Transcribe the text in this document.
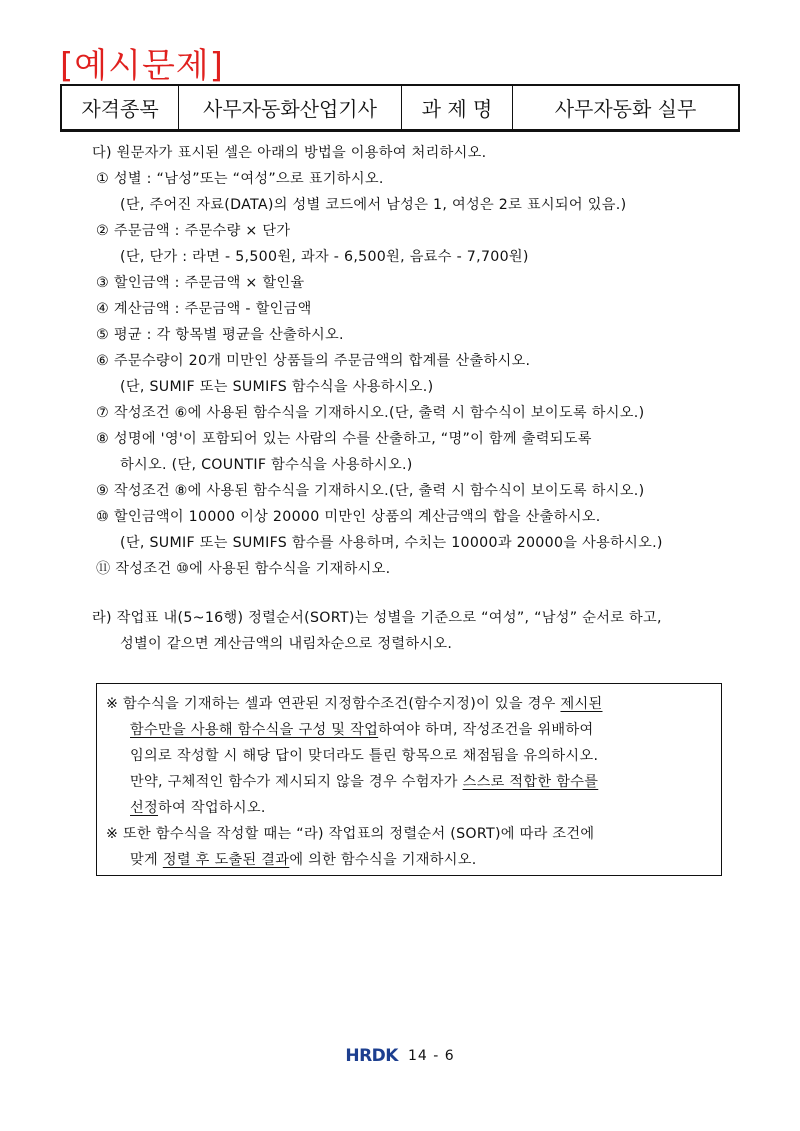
[예시문제]
자격종목	사무자동화산업기사	과 제 명	사무자동화 실무
다) 원문자가 표시된 셀은 아래의 방법을 이용하여 처리하시오.
① 성별 : “남성”또는 “여성”으로 표기하시오.
(단, 주어진 자료(DATA)의 성별 코드에서 남성은 1, 여성은 2로 표시되어 있음.)
② 주문금액 : 주문수량 × 단가
(단, 단가 : 라면 - 5,500원, 과자 - 6,500원, 음료수 - 7,700원)
③ 할인금액 : 주문금액 × 할인율
④ 계산금액 : 주문금액 - 할인금액
⑤ 평균 : 각 항목별 평균을 산출하시오.
⑥ 주문수량이 20개 미만인 상품들의 주문금액의 합계를 산출하시오.
(단, SUMIF 또는 SUMIFS 함수식을 사용하시오.)
⑦ 작성조건 ⑥에 사용된 함수식을 기재하시오.(단, 출력 시 함수식이 보이도록 하시오.)
⑧ 성명에 '영'이 포함되어 있는 사람의 수를 산출하고, “명”이 함께 출력되도록
하시오. (단, COUNTIF 함수식을 사용하시오.)
⑨ 작성조건 ⑧에 사용된 함수식을 기재하시오.(단, 출력 시 함수식이 보이도록 하시오.)
⑩ 할인금액이 10000 이상 20000 미만인 상품의 계산금액의 합을 산출하시오.
(단, SUMIF 또는 SUMIFS 함수를 사용하며, 수치는 10000과 20000을 사용하시오.)
⑪ 작성조건 ⑩에 사용된 함수식을 기재하시오.
라) 작업표 내(5~16행) 정렬순서(SORT)는 성별을 기준으로 “여성”, “남성” 순서로 하고,
성별이 같으면 계산금액의 내림차순으로 정렬하시오.
※ 함수식을 기재하는 셀과 연관된 지정함수조건(함수지정)이 있을 경우 제시된
함수만을 사용해 함수식을 구성 및 작업하여야 하며, 작성조건을 위배하여
임의로 작성할 시 해당 답이 맞더라도 틀린 항목으로 채점됨을 유의하시오.
만약, 구체적인 함수가 제시되지 않을 경우 수험자가 스스로 적합한 함수를
선정하여 작업하시오.
※ 또한 함수식을 작성할 때는 “라) 작업표의 정렬순서 (SORT)에 따라 조건에
맞게 정렬 후 도출된 결과에 의한 함수식을 기재하시오.
HRDK 14 - 6
